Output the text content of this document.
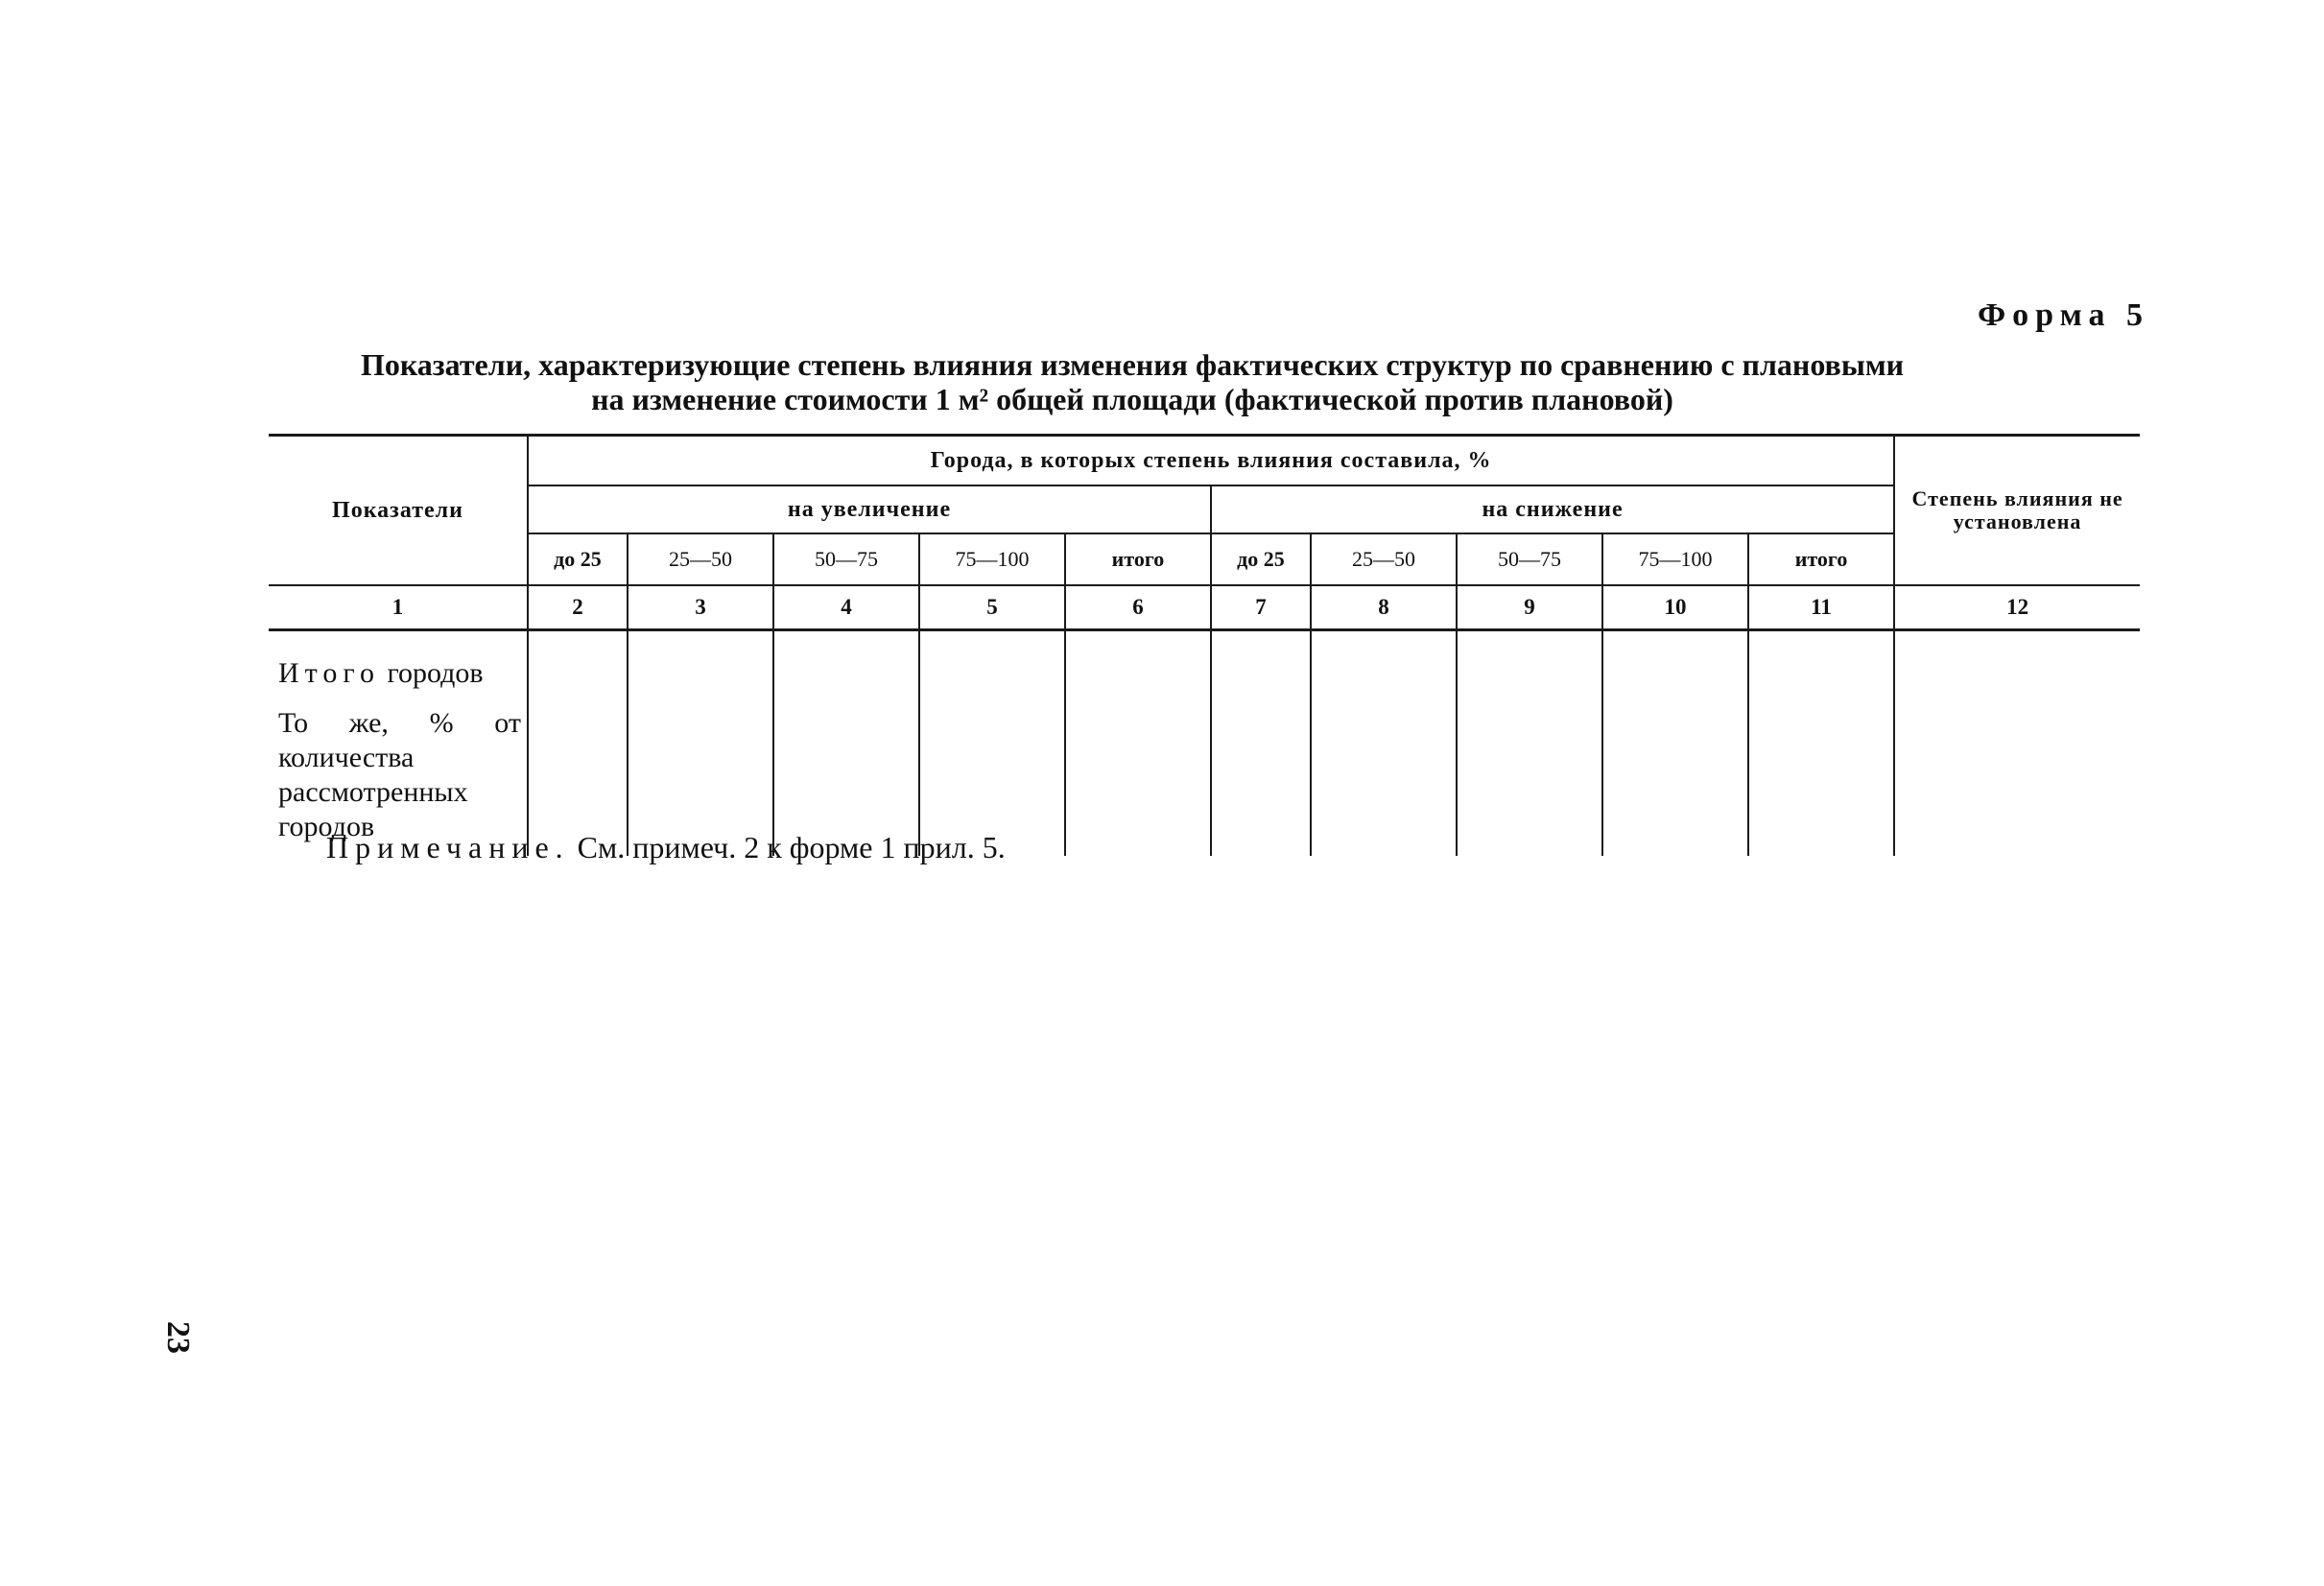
Форма 5
Показатели, характеризующие степень влияния изменения фактических структур по сравнению с плановыми
на изменение стоимости 1 м² общей площади (фактической против плановой)
Показатели	Города, в которых степень влияния составила, %										Степень влияния не установлена
	на увеличение					на снижение					
	до 25	25—50	50—75	75—100	итого	до 25	25—50	50—75	75—100	итого	
1	2	3	4	5	6	7	8	9	10	11	12

Итого городов
То же, % от количества рассмотренных городов											

Примечание. См. примеч. 2 к форме 1 прил. 5.
23
